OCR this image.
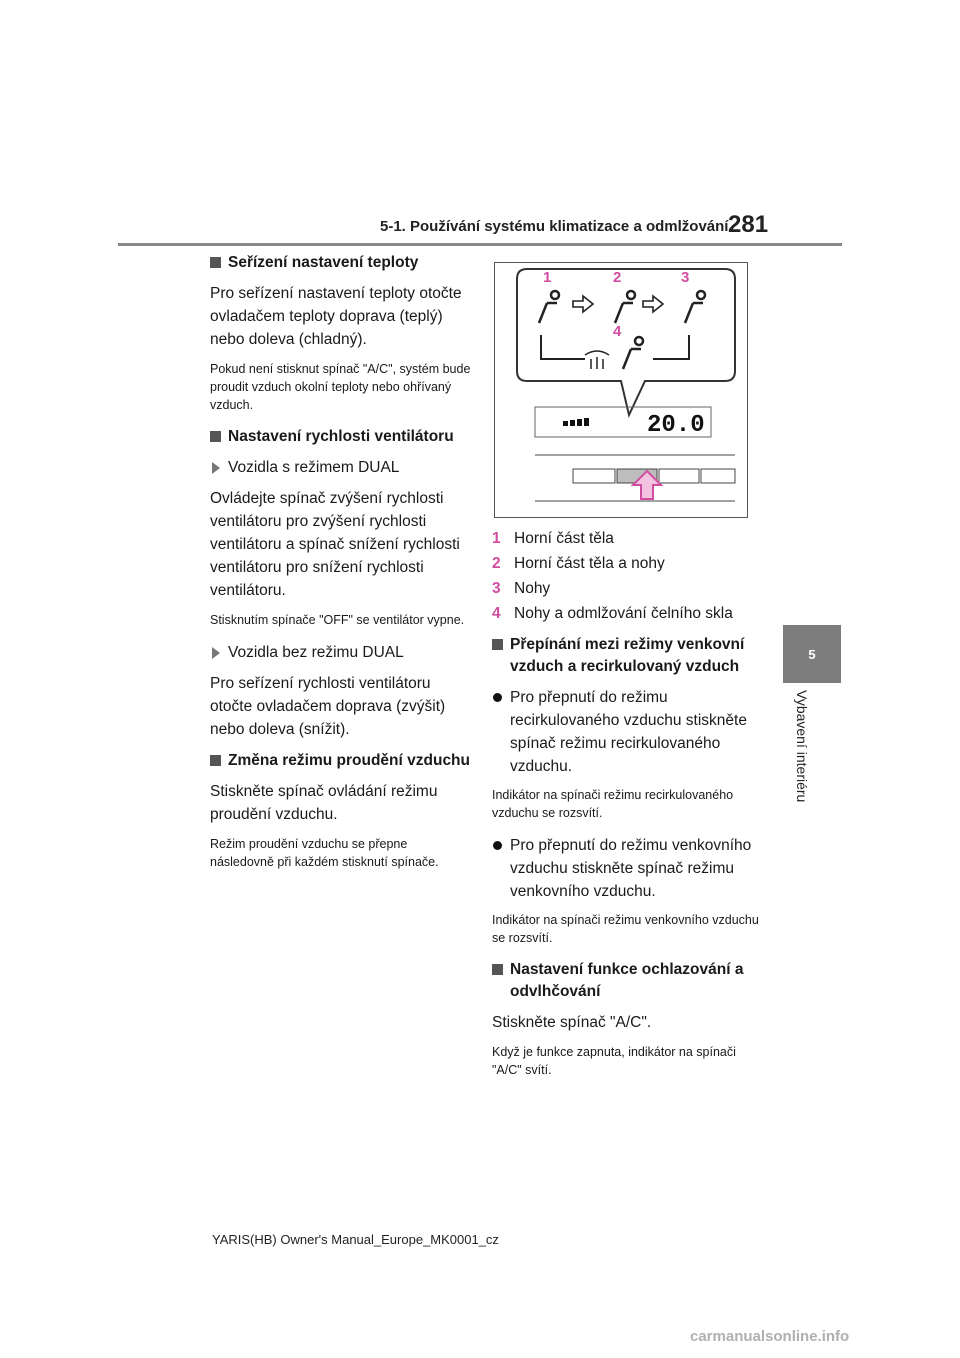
5-1. Používání systému klimatizace a odmlžování 281
5
Vybavení interiéru
Seřízení nastavení teploty
Pro seřízení nastavení teploty otočte ovladačem teploty doprava (teplý) nebo doleva (chladný).
Pokud není stisknut spínač "A/C", systém bude proudit vzduch okolní teploty nebo ohřívaný vzduch.
Nastavení rychlosti ventilátoru
Vozidla s režimem DUAL
Ovládejte spínač zvýšení rychlosti ventilátoru pro zvýšení rychlosti ventilátoru a spínač snížení rychlosti ventilátoru pro snížení rychlosti ventilátoru.
Stisknutím spínače "OFF" se ventilátor vypne.
Vozidla bez režimu DUAL
Pro seřízení rychlosti ventilátoru otočte ovladačem doprava (zvýšit) nebo doleva (snížit).
Změna režimu proudění vzduchu
Stiskněte spínač ovládání režimu proudění vzduchu.
Režim proudění vzduchu se přepne následovně při každém stisknutí spínače.
20.0
1	2	3
4
1 Horní část těla
2 Horní část těla a nohy
3 Nohy
4 Nohy a odmlžování čelního skla
Přepínání mezi režimy venkovní vzduch a recirkulovaný vzduch
Pro přepnutí do režimu recirkulovaného vzduchu stiskněte spínač režimu recirkulovaného vzduchu.
Indikátor na spínači režimu recirkulovaného vzduchu se rozsvítí.
Pro přepnutí do režimu venkovního vzduchu stiskněte spínač režimu venkovního vzduchu.
Indikátor na spínači režimu venkovního vzduchu se rozsvítí.
Nastavení funkce ochlazování a odvlhčování
Stiskněte spínač "A/C".
Když je funkce zapnuta, indikátor na spínači "A/C" svítí.
YARIS(HB) Owner's Manual_Europe_MK0001_cz
carmanualsonline.info
